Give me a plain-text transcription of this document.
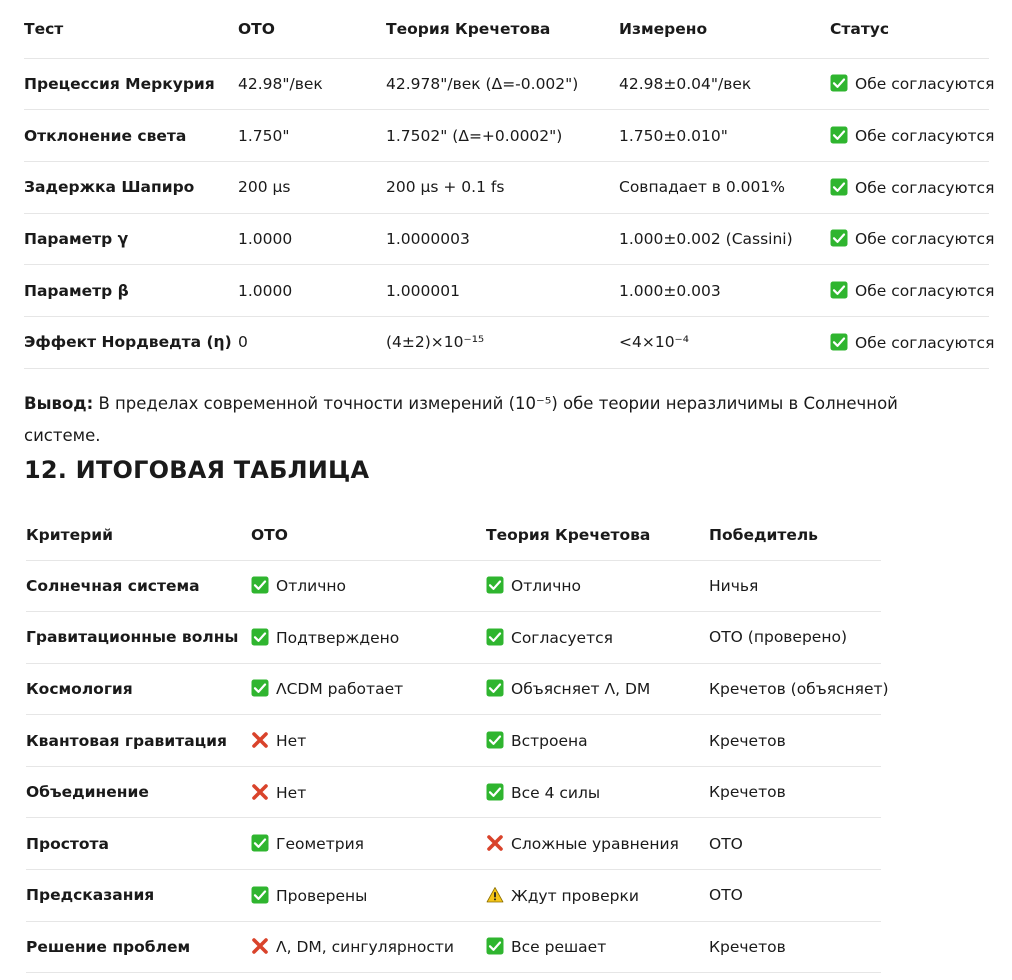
Тест	ОТО	Теория Кречетова	Измерено	Статус
Прецессия Меркурия	42.98"/век	42.978"/век (Δ=-0.002")	42.98±0.04"/век	Обе согласуются
Отклонение света	1.750"	1.7502" (Δ=+0.0002")	1.750±0.010"	Обе согласуются
Задержка Шапиро	200 μs	200 μs + 0.1 fs	Совпадает в 0.001%	Обе согласуются
Параметр γ	1.0000	1.0000003	1.000±0.002 (Cassini)	Обе согласуются
Параметр β	1.0000	1.000001	1.000±0.003	Обе согласуются
Эффект Нордведта (η)	0	(4±2)×10⁻¹⁵	<4×10⁻⁴	Обе согласуются
Вывод: В пределах современной точности измерений (10⁻⁵) обе теории неразличимы в Солнечной системе.
12. ИТОГОВАЯ ТАБЛИЦА
Критерий	ОТО	Теория Кречетова	Победитель
Солнечная система	Отлично	Отлично	Ничья
Гравитационные волны	Подтверждено	Согласуется	ОТО (проверено)
Космология	ΛCDM работает	Объясняет Λ, DM	Кречетов (объясняет)
Квантовая гравитация	Нет	Встроена	Кречетов
Объединение	Нет	Все 4 силы	Кречетов
Простота	Геометрия	Сложные уравнения	ОТО
Предсказания	Проверены	Ждут проверки	ОТО
Решение проблем	Λ, DM, сингулярности	Все решает	Кречетов
